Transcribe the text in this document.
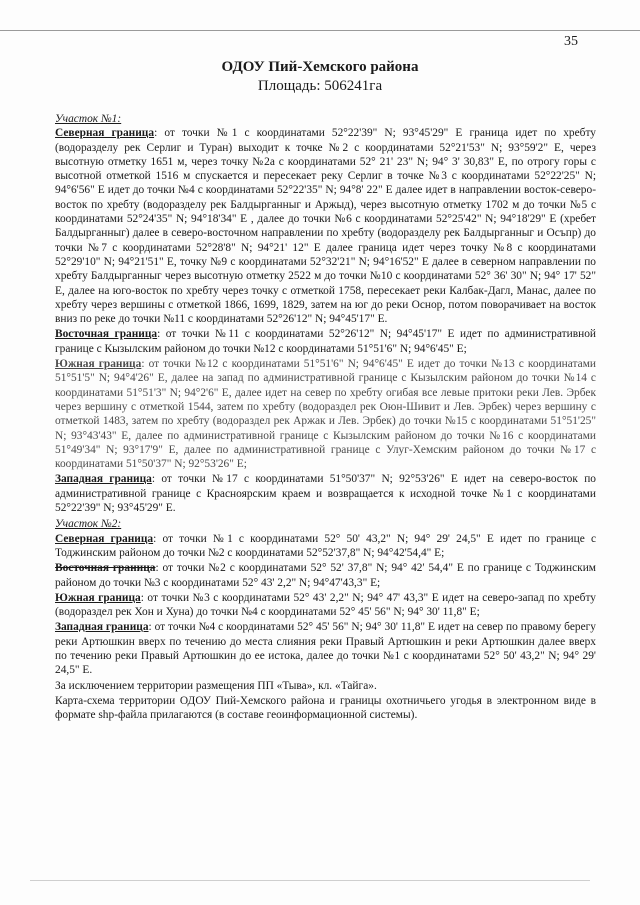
35
ОДОУ Пий-Хемского района
Площадь: 506241га
Участок №1:

Северная граница: от точки №1 с координатами 52°22'39" N; 93°45'29" Е граница идет по хребту (водоразделу рек Серлиг и Туран) выходит к точке №2 с координатами 52°21'53" N; 93°59'2" Е, через высотную отметку 1651 м, через точку №2а с координатами 52° 21' 23" N; 94° 3' 30,83" Е, по отрогу горы с высотной отметкой 1516 м спускается и пересекает реку Серлиг в точке №3 с координатами 52°22'25" N; 94°6'56" Е идет до точки №4 с координатами 52°22'35" N; 94°8' 22" Е далее идет в направлении восток-северо-восток по хребту (водоразделу рек Балдырганныг и Аржыд), через высотную отметку 1702 м до точки №5 с координатами 52°24'35" N; 94°18'34" Е , далее до точки №6 с координатами 52°25'42" N; 94°18'29" Е (хребет Балдырганныг) далее в северо-восточном направлении по хребту (водоразделу рек Балдырганныг и Осъпр) до точки №7 с координатами 52°28'8" N; 94°21' 12" Е далее граница идет через точку №8 с координатами 52°29'10" N; 94°21'51" Е, точку №9 с координатами 52°32'21" N; 94°16'52" Е далее в северном направлении по хребту Балдырганныг через высотную отметку 2522 м до точки №10 с координатами 52° 36' 30" N; 94° 17' 52" Е, далее на юго-восток по хребту через точку с отметкой 1758, пересекает реки Калбак-Дагл, Манас, далее по хребту через вершины с отметкой 1866, 1699, 1829, затем на юг до реки Оснор, потом поворачивает на восток вниз по реке до точки №11 с координатами 52°26'12" N; 94°45'17" Е.

Восточная граница: от точки №11 с координатами 52°26'12" N; 94°45'17" Е идет по административной границе с Кызылским районом до точки №12 с координатами 51°51'6" N; 94°6'45" Е;

Южная граница: от точки №12 с координатами 51°51'6" N; 94°6'45" Е идет до точки №13 с координатами 51°51'5" N; 94°4'26" Е, далее на запад по административной границе с Кызылским районом до точки №14 с координатами 51°51'3" N; 94°2'6" Е, далее идет на север по хребту огибая все левые притоки реки Лев. Эрбек через вершину с отметкой 1544, затем по хребту (водораздел рек Оюн-Шивит и Лев. Эрбек) через вершину с отметкой 1483, затем по хребту (водораздел рек Аржак и Лев. Эрбек) до точки №15 с координатами 51°51'25" N; 93°43'43" Е, далее по административной границе с Кызылским районом до точки №16 с координатами 51°49'34" N; 93°17'9" Е, далее по административной границе с Улуг-Хемским районом до точки №17 с координатами 51°50'37" N; 92°53'26" Е;

Западная граница: от точки №17 с координатами 51°50'37" N; 92°53'26" Е идет на северо-восток по административной границе с Красноярским краем и возвращается к исходной точке №1 с координатами 52°22'39" N; 93°45'29" Е.

Участок №2:

Северная граница: от точки №1 с координатами 52° 50' 43,2" N; 94° 29' 24,5" Е идет по границе с Тоджинским районом до точки №2 с координатами 52°52'37,8" N; 94°42'54,4" Е;

Восточная граница: от точки №2 с координатами 52° 52' 37,8" N; 94° 42' 54,4" Е по границе с Тоджинским районом до точки №3 с координатами 52° 43' 2,2" N; 94°47'43,3" Е;

Южная граница: от точки №3 с координатами 52° 43' 2,2" N; 94° 47' 43,3" Е идет на северо-запад по хребту (водораздел рек Хон и Хуна) до точки №4 с координатами 52° 45' 56" N; 94° 30' 11,8" Е;

Западная граница: от точки №4 с координатами 52° 45' 56" N; 94° 30' 11,8" Е идет на север по правому берегу реки Артюшкин вверх по течению до места слияния реки Правый Артюшкин и реки Артюшкин далее вверх по течению реки Правый Артюшкин до ее истока, далее до точки №1 с координатами 52° 50' 43,2" N; 94° 29' 24,5" Е.

За исключением территории размещения ПП «Тыва», кл. «Тайга».

Карта-схема территории ОДОУ Пий-Хемского района и границы охотничьего угодья в электронном виде в формате shp-файла прилагаются (в составе геоинформационной системы).
